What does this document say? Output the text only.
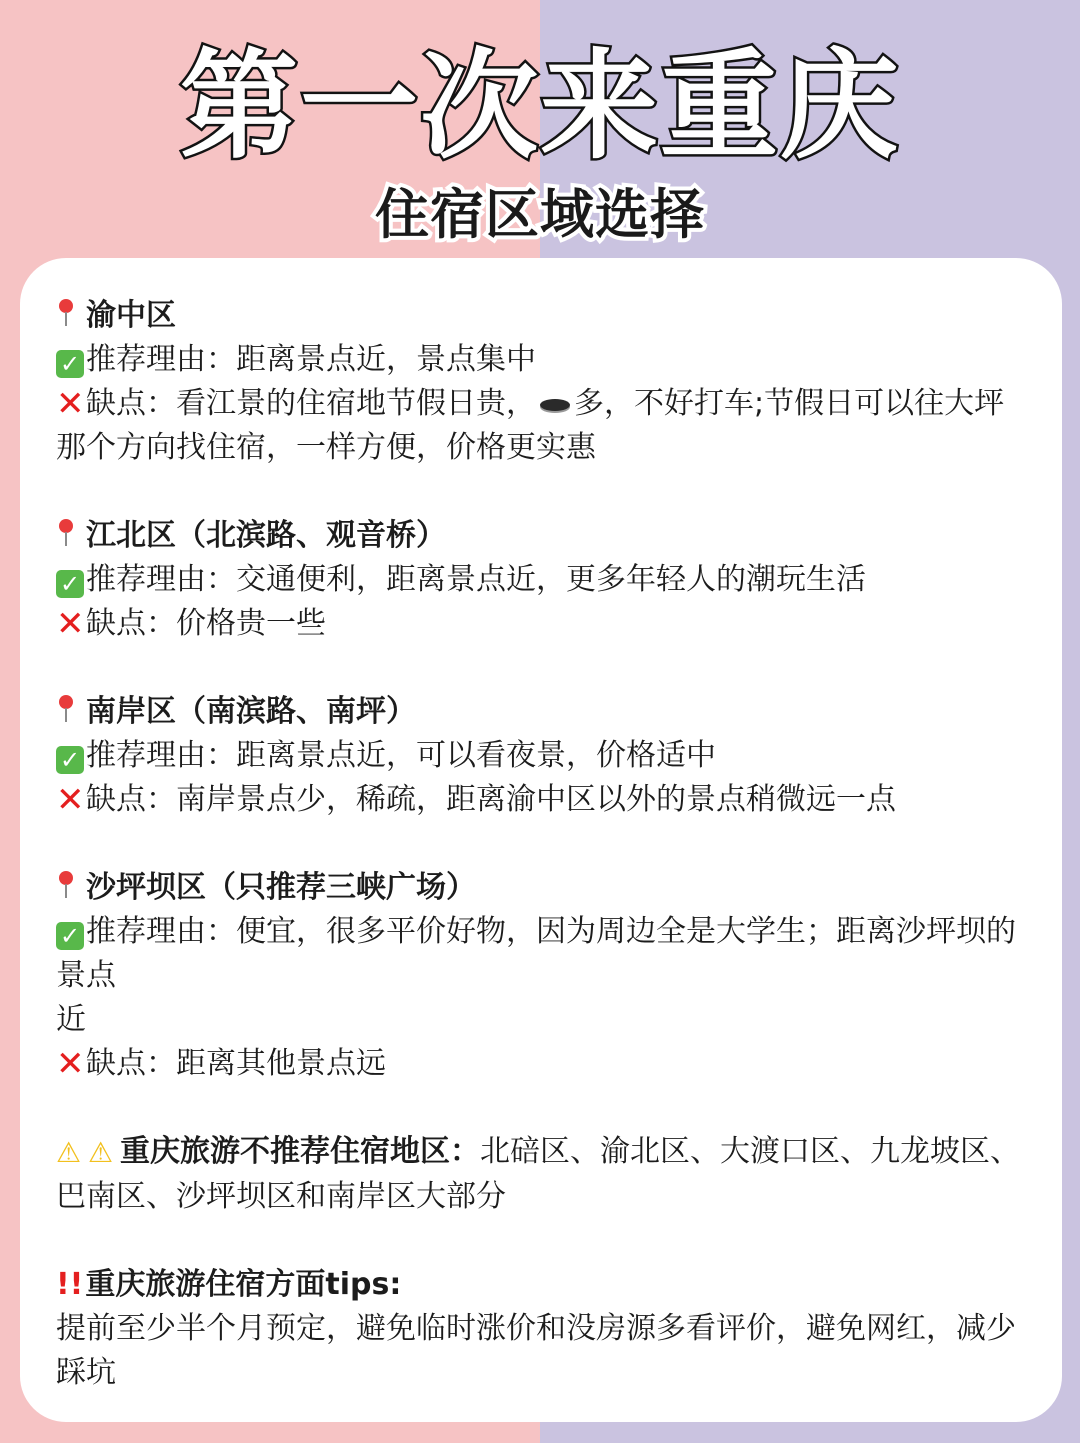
第一次来重庆
住宿区域选择

渝中区

✓ 推荐理由：距离景点近，景点集中

✕缺点：看江景的住宿地节假日贵， 多，不好打车;节假日可以往大坪那个方向找住宿，一样方便，价格更实惠

江北区（北滨路、观音桥）

✓ 推荐理由：交通便利，距离景点近，更多年轻人的潮玩生活

✕缺点：价格贵一些

南岸区（南滨路、南坪）

✓ 推荐理由：距离景点近，可以看夜景，价格适中

✕缺点：南岸景点少，稀疏，距离渝中区以外的景点稍微远一点

沙坪坝区（只推荐三峡广场）

✓ 推荐理由：便宜，很多平价好物，因为周边全是大学生；距离沙坪坝的景点

近

✕缺点：距离其他景点远

⚠ ⚠ 重庆旅游不推荐住宿地区：北碚区、渝北区、大渡口区、九龙坡区、巴南区、沙坪坝区和南岸区大部分

!!重庆旅游住宿方面tips:

提前至少半个月预定，避免临时涨价和没房源多看评价，避免网红，减少踩坑
